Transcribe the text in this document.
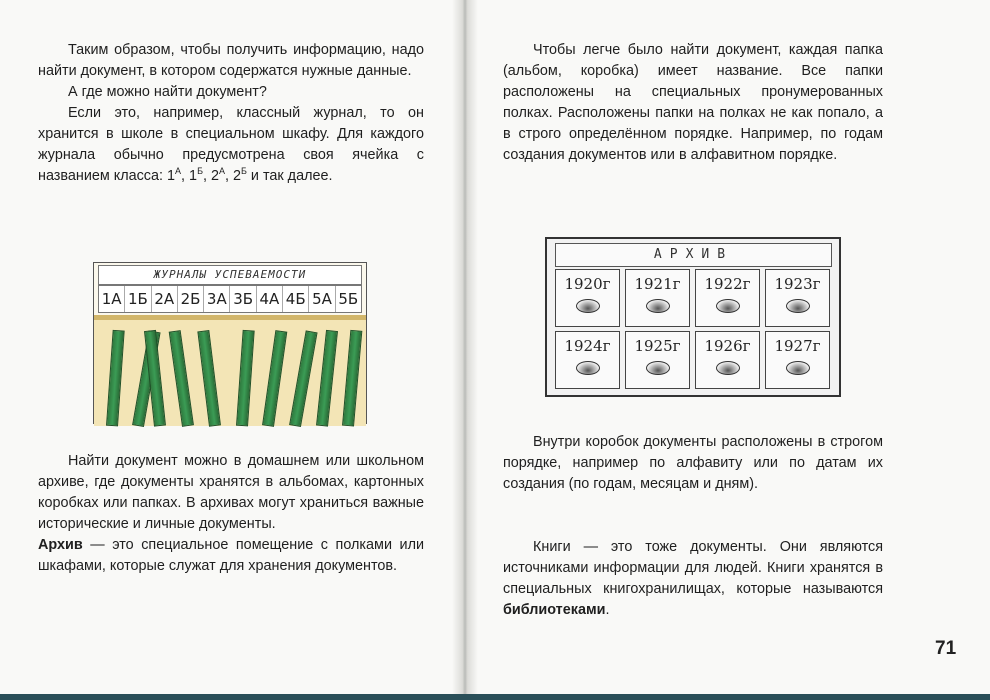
Таким образом, чтобы получить информацию, надо найти документ, в котором содержатся нужные данные.

А где можно найти документ?

Если это, например, классный журнал, то он хранится в школе в специальном шкафу. Для каждого журнала обычно предусмотрена своя ячейка с названием класса: $1^А$, $1^Б$, $2^А$, $2^Б$ и так далее.

ЖУРНАЛЫ УСПЕВАЕМОСТИ
1А 1Б 2А 2Б 3А 3Б 4А 4Б 5А 5Б

Найти документ можно в домашнем или школьном архиве, где документы хранятся в альбомах, картонных коробках или папках. В архивах могут храниться важные исторические и личные документы.

Архив — это специальное помещение с полками или шкафами, которые служат для хранения документов.

Чтобы легче было найти документ, каждая папка (альбом, коробка) имеет название. Все папки расположены на специальных пронумерованных полках. Расположены папки на полках не как попало, а в строго определённом порядке. Например, по годам создания документов или в алфавитном порядке.

АРХИВ
1920г	1921г	1922г	1923г
1924г	1925г	1926г	1927г

Внутри коробок документы расположены в строгом порядке, например по алфавиту или по датам их создания (по годам, месяцам и дням).

Книги — это тоже документы. Они являются источниками информации для людей. Книги хранятся в специальных книгохранилищах, которые называются библиотеками.

71
